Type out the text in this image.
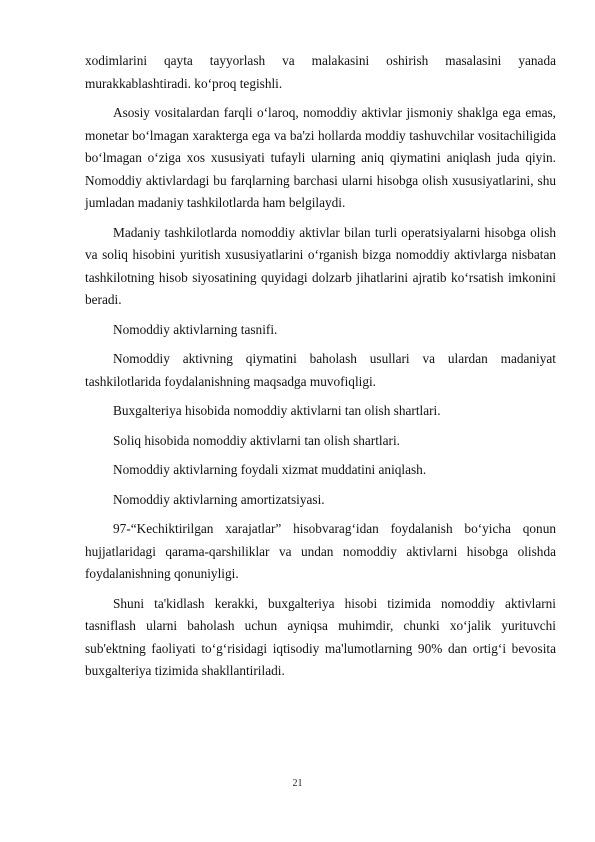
xodimlarini qayta tayyorlash va malakasini oshirish masalasini yanada murakkablashtiradi. ko‘proq tegishli.

Asosiy vositalardan farqli o‘laroq, nomoddiy aktivlar jismoniy shaklga ega emas, monetar bo‘lmagan xarakterga ega va ba'zi hollarda moddiy tashuvchilar vositachiligida bo‘lmagan o‘ziga xos xususiyati tufayli ularning aniq qiymatini aniqlash juda qiyin. Nomoddiy aktivlardagi bu farqlarning barchasi ularni hisobga olish xususiyatlarini, shu jumladan madaniy tashkilotlarda ham belgilaydi.

Madaniy tashkilotlarda nomoddiy aktivlar bilan turli operatsiyalarni hisobga olish va soliq hisobini yuritish xususiyatlarini o‘rganish bizga nomoddiy aktivlarga nisbatan tashkilotning hisob siyosatining quyidagi dolzarb jihatlarini ajratib ko‘rsatish imkonini beradi.

Nomoddiy aktivlarning tasnifi.

Nomoddiy aktivning qiymatini baholash usullari va ulardan madaniyat tashkilotlarida foydalanishning maqsadga muvofiqligi.

Buxgalteriya hisobida nomoddiy aktivlarni tan olish shartlari.

Soliq hisobida nomoddiy aktivlarni tan olish shartlari.

Nomoddiy aktivlarning foydali xizmat muddatini aniqlash.

Nomoddiy aktivlarning amortizatsiyasi.

97-“Kechiktirilgan xarajatlar” hisobvarag‘idan foydalanish bo‘yicha qonun hujjatlaridagi qarama-qarshiliklar va undan nomoddiy aktivlarni hisobga olishda foydalanishning qonuniyligi.

Shuni ta'kidlash kerakki, buxgalteriya hisobi tizimida nomoddiy aktivlarni tasniflash ularni baholash uchun ayniqsa muhimdir, chunki xo‘jalik yurituvchi sub'ektning faoliyati to‘g‘risidagi iqtisodiy ma'lumotlarning 90% dan ortig‘i bevosita buxgalteriya tizimida shakllantiriladi.

21
